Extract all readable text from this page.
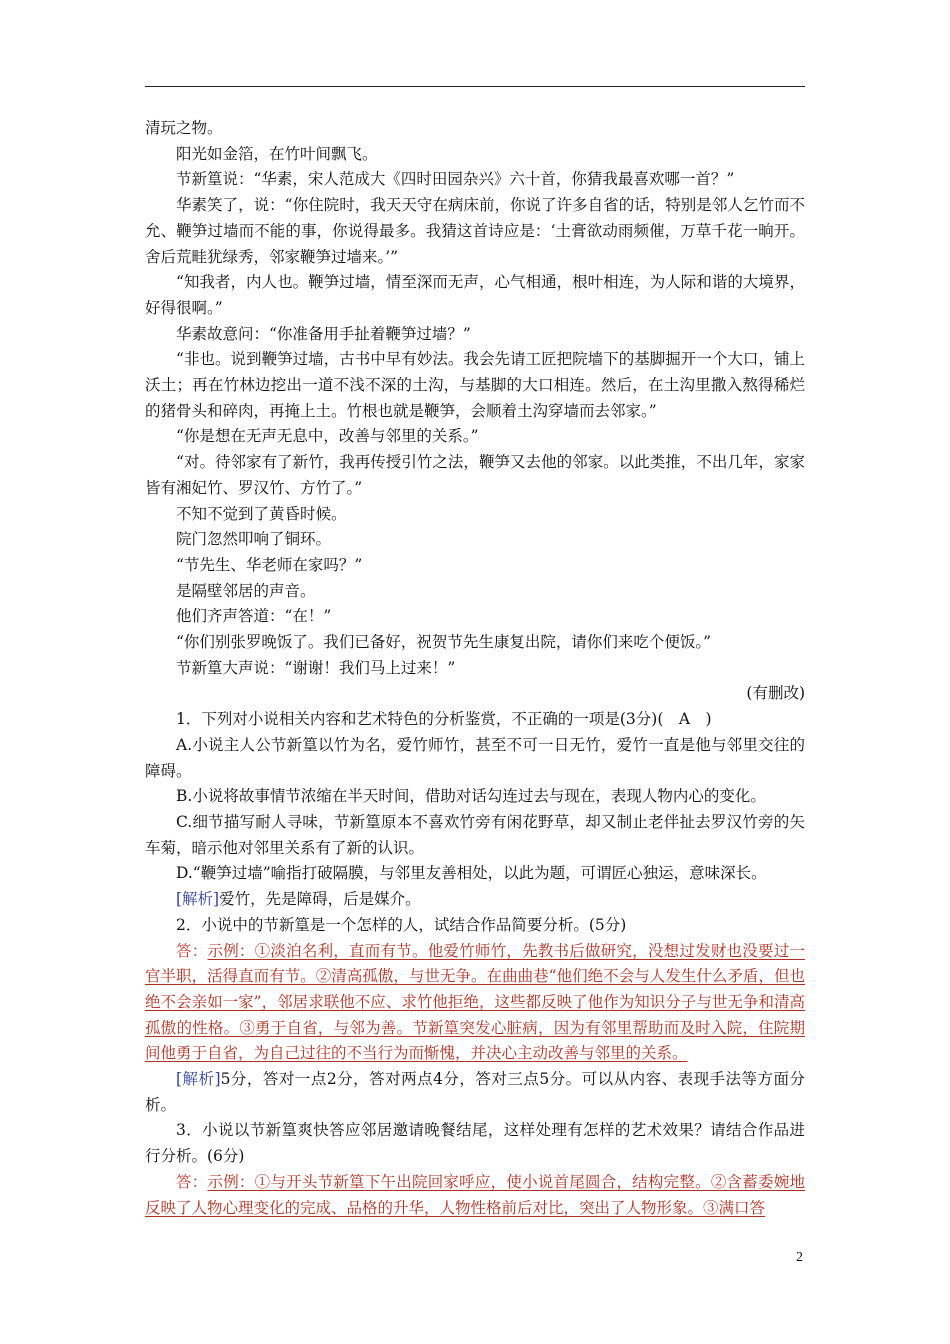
清玩之物。

阳光如金箔，在竹叶间飘飞。

节新篁说：“华素，宋人范成大《四时田园杂兴》六十首，你猜我最喜欢哪一首？”

华素笑了，说：“你住院时，我天天守在病床前，你说了许多自省的话，特别是邻人乞竹而不允、鞭笋过墙而不能的事，你说得最多。我猜这首诗应是：‘土膏欲动雨频催，万草千花一晌开。舍后荒畦犹绿秀，邻家鞭笋过墙来。’”

“知我者，内人也。鞭笋过墙，情至深而无声，心气相通，根叶相连，为人际和谐的大境界，好得很啊。”

华素故意问：“你准备用手扯着鞭笋过墙？”

“非也。说到鞭笋过墙，古书中早有妙法。我会先请工匠把院墙下的基脚掘开一个大口，铺上沃土；再在竹林边挖出一道不浅不深的土沟，与基脚的大口相连。然后，在土沟里撒入熬得稀烂的猪骨头和碎肉，再掩上土。竹根也就是鞭笋，会顺着土沟穿墙而去邻家。”

“你是想在无声无息中，改善与邻里的关系。”

“对。待邻家有了新竹，我再传授引竹之法，鞭笋又去他的邻家。以此类推，不出几年，家家皆有湘妃竹、罗汉竹、方竹了。”

不知不觉到了黄昏时候。

院门忽然叩响了铜环。

“节先生、华老师在家吗？”

是隔壁邻居的声音。

他们齐声答道：“在！”

“你们别张罗晚饭了。我们已备好，祝贺节先生康复出院，请你们来吃个便饭。”

节新篁大声说：“谢谢！我们马上过来！”

(有删改)

1．下列对小说相关内容和艺术特色的分析鉴赏，不正确的一项是(3分)(　A　)

A.小说主人公节新篁以竹为名，爱竹师竹，甚至不可一日无竹，爱竹一直是他与邻里交往的障碍。

B.小说将故事情节浓缩在半天时间，借助对话勾连过去与现在，表现人物内心的变化。

C.细节描写耐人寻味，节新篁原本不喜欢竹旁有闲花野草，却又制止老伴扯去罗汉竹旁的矢车菊，暗示他对邻里关系有了新的认识。

D.“鞭笋过墙”喻指打破隔膜，与邻里友善相处，以此为题，可谓匠心独运，意味深长。

[解析]爱竹，先是障碍，后是媒介。

2．小说中的节新篁是一个怎样的人，试结合作品简要分析。(5分)

答：示例：①淡泊名利，直而有节。他爱竹师竹，先教书后做研究，没想过发财也没要过一官半职，活得直而有节。②清高孤傲，与世无争。在曲曲巷“他们绝不会与人发生什么矛盾，但也绝不会亲如一家”，邻居求联他不应、求竹他拒绝，这些都反映了他作为知识分子与世无争和清高孤傲的性格。③勇于自省，与邻为善。节新篁突发心脏病，因为有邻里帮助而及时入院，住院期间他勇于自省，为自己过往的不当行为而惭愧，并决心主动改善与邻里的关系。

[解析]5分，答对一点2分，答对两点4分，答对三点5分。可以从内容、表现手法等方面分析。

3．小说以节新篁爽快答应邻居邀请晚餐结尾，这样处理有怎样的艺术效果？请结合作品进行分析。(6分)

答：示例：①与开头节新篁下午出院回家呼应，使小说首尾圆合，结构完整。②含蓄委婉地反映了人物心理变化的完成、品格的升华，人物性格前后对比，突出了人物形象。③满口答

2
